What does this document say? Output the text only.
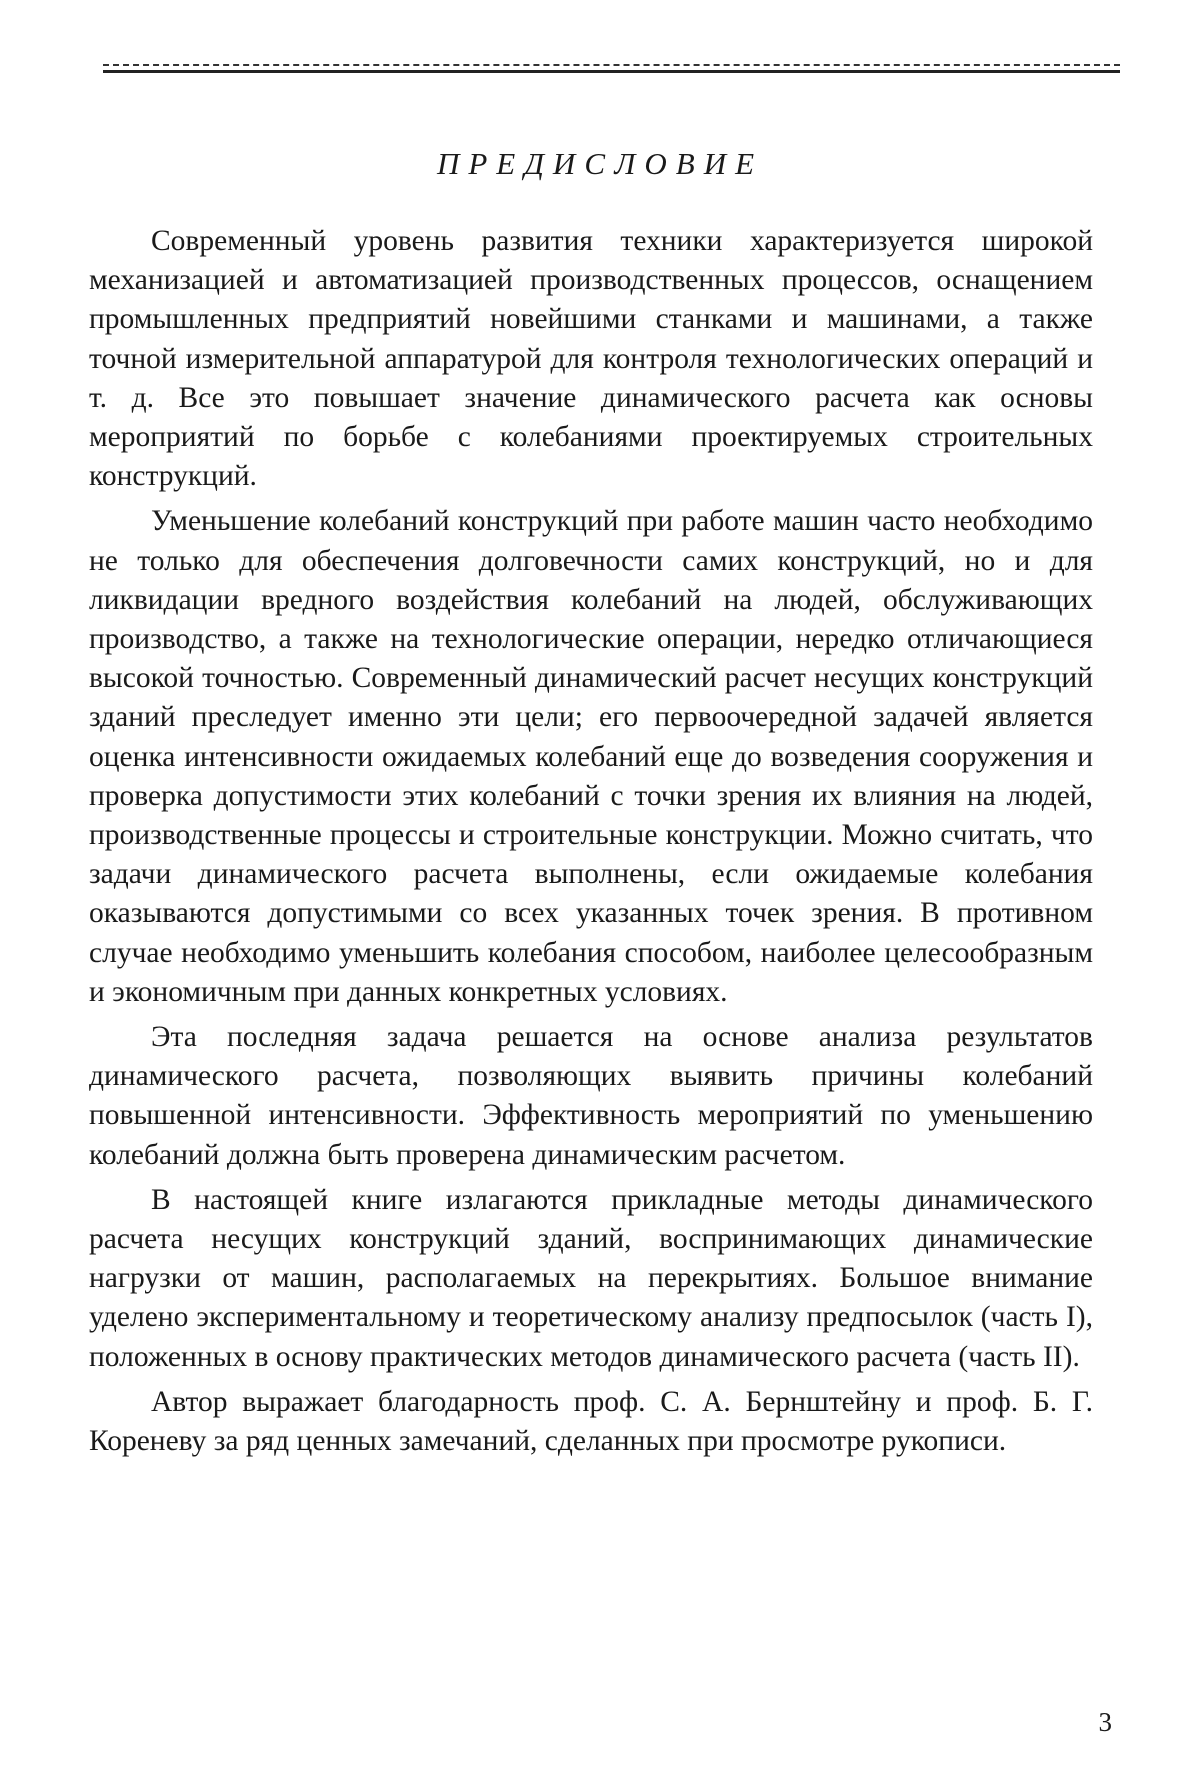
ПРЕДИСЛОВИЕ

Современный уровень развития техники характеризуется широкой механизацией и автоматизацией производственных процессов, оснащением промышленных предприятий новейшими станками и машинами, а также точной измерительной аппаратурой для контроля технологических операций и т. д. Все это повышает значение динамического расчета как основы мероприятий по борьбе с колебаниями проектируемых строительных конструкций.

Уменьшение колебаний конструкций при работе машин часто необходимо не только для обеспечения долговечности самих конструкций, но и для ликвидации вредного воздействия колебаний на людей, обслуживающих производство, а также на технологические операции, нередко отличающиеся высокой точностью. Современный динамический расчет несущих конструкций зданий преследует именно эти цели; его первоочередной задачей является оценка интенсивности ожидаемых колебаний еще до возведения сооружения и проверка допустимости этих колебаний с точки зрения их влияния на людей, производственные процессы и строительные конструкции. Можно считать, что задачи динамического расчета выполнены, если ожидаемые колебания оказываются допустимыми со всех указанных точек зрения. В противном случае необходимо уменьшить колебания способом, наиболее целесообразным и экономичным при данных конкретных условиях.

Эта последняя задача решается на основе анализа результатов динамического расчета, позволяющих выявить причины колебаний повышенной интенсивности. Эффективность мероприятий по уменьшению колебаний должна быть проверена динамическим расчетом.

В настоящей книге излагаются прикладные методы динамического расчета несущих конструкций зданий, воспринимающих динамические нагрузки от машин, располагаемых на перекрытиях. Большое внимание уделено экспериментальному и теоретическому анализу предпосылок (часть I), положенных в основу практических методов динамического расчета (часть II).

Автор выражает благодарность проф. С. А. Бернштейну и проф. Б. Г. Кореневу за ряд ценных замечаний, сделанных при просмотре рукописи.

3
